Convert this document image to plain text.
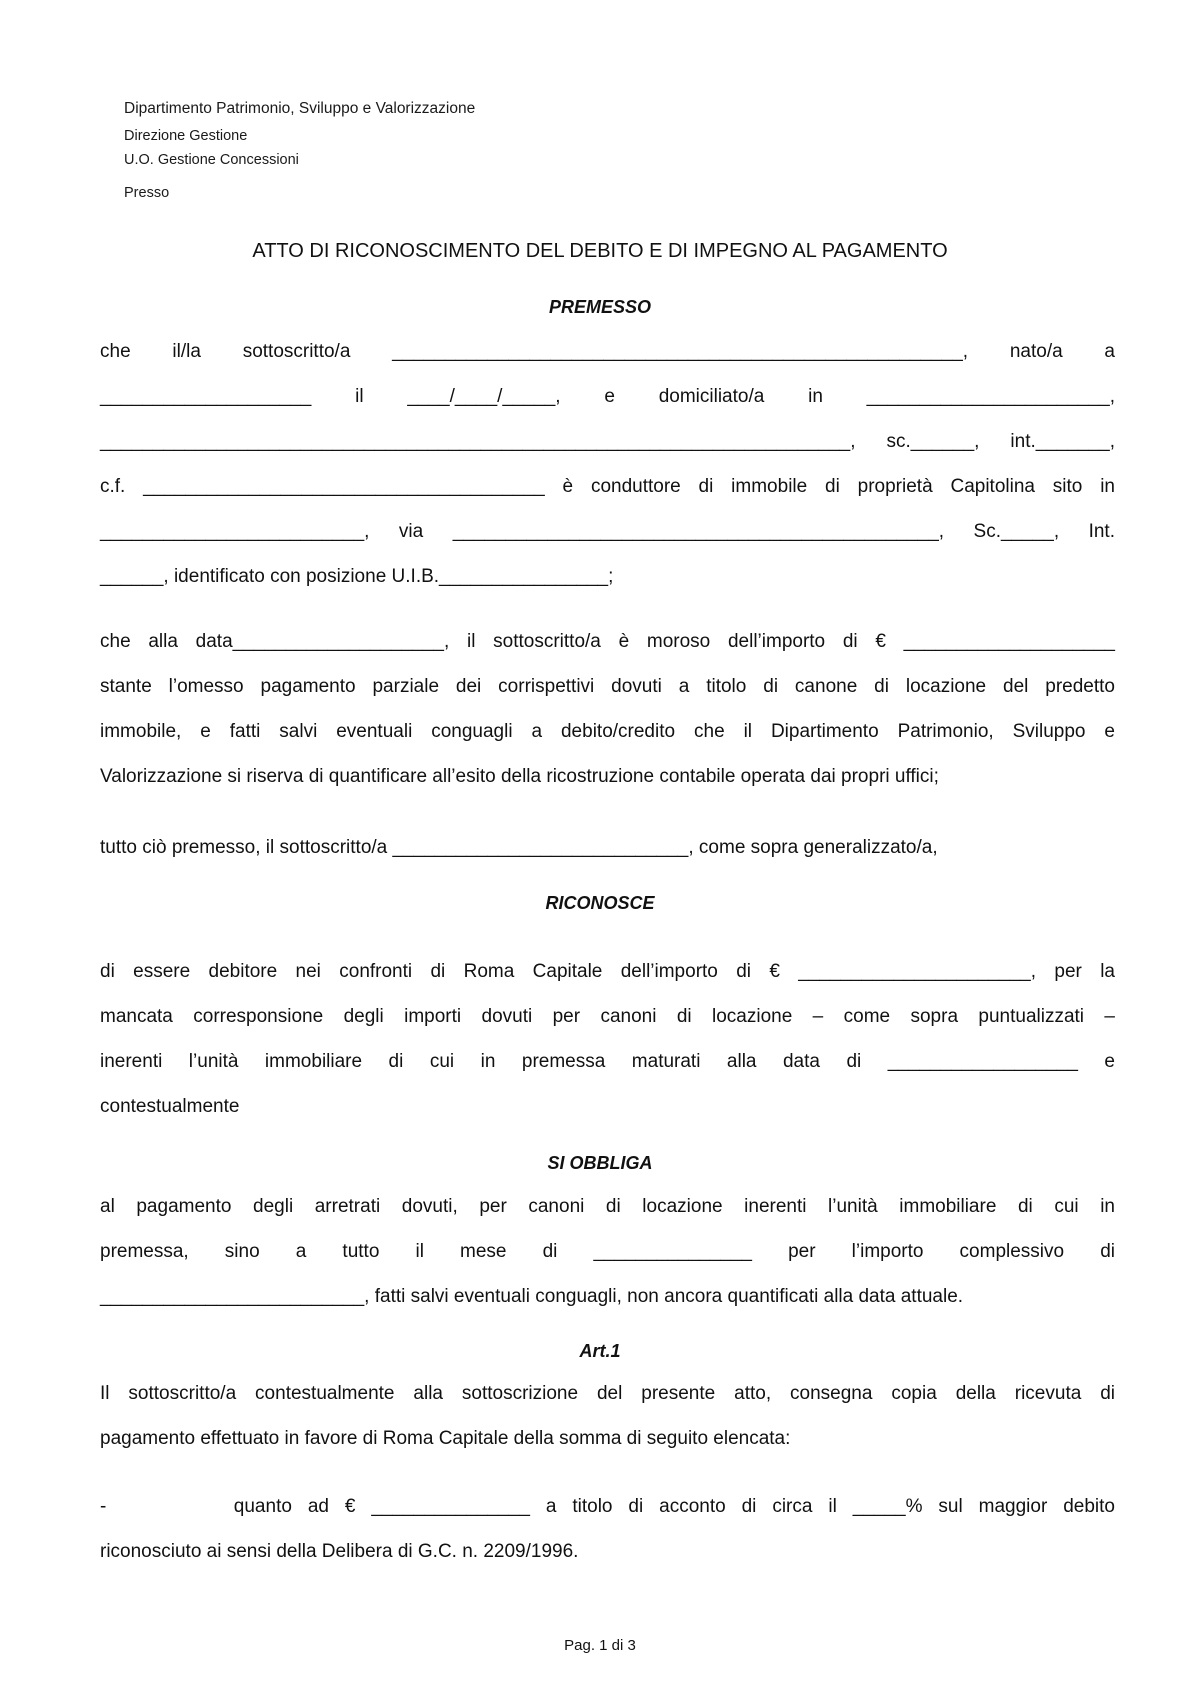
Dipartimento Patrimonio, Sviluppo e Valorizzazione
Direzione Gestione
U.O. Gestione Concessioni
Presso
ATTO DI RICONOSCIMENTO DEL DEBITO E DI IMPEGNO AL PAGAMENTO
PREMESSO
che il/la sottoscritto/a ______________________________________________________, nato/a a
____________________ il ____/____/_____, e domiciliato/a in _______________________,
_______________________________________________________________________, sc.______, int._______,
c.f. ______________________________________ è conduttore di immobile di proprietà Capitolina sito in
_________________________, via ______________________________________________, Sc._____, Int.
______, identificato con posizione U.I.B.________________;
che alla data____________________, il sottoscritto/a è moroso dell’importo di € ____________________
stante l’omesso pagamento parziale dei corrispettivi dovuti a titolo di canone di locazione del predetto
immobile, e fatti salvi eventuali conguagli a debito/credito che il Dipartimento Patrimonio, Sviluppo e
Valorizzazione si riserva di quantificare all’esito della ricostruzione contabile operata dai propri uffici;
tutto ciò premesso, il sottoscritto/a ____________________________, come sopra generalizzato/a,
RICONOSCE
di essere debitore nei confronti di Roma Capitale dell’importo di € ______________________, per la
mancata corresponsione degli importi dovuti per canoni di locazione – come sopra puntualizzati –
inerenti l’unità immobiliare di cui in premessa maturati alla data di __________________ e
contestualmente
SI OBBLIGA
al pagamento degli arretrati dovuti, per canoni di locazione inerenti l’unità immobiliare di cui in
premessa, sino a tutto il mese di _______________ per l’importo complessivo di
_________________________, fatti salvi eventuali conguagli, non ancora quantificati alla data attuale.
Art.1
Il sottoscritto/a contestualmente alla sottoscrizione del presente atto, consegna copia della ricevuta di
pagamento effettuato in favore di Roma Capitale della somma di seguito elencata:
-        quanto ad € _______________ a titolo di acconto di circa il _____% sul maggior debito
riconosciuto ai sensi della Delibera di G.C. n. 2209/1996.
Pag. 1 di 3
